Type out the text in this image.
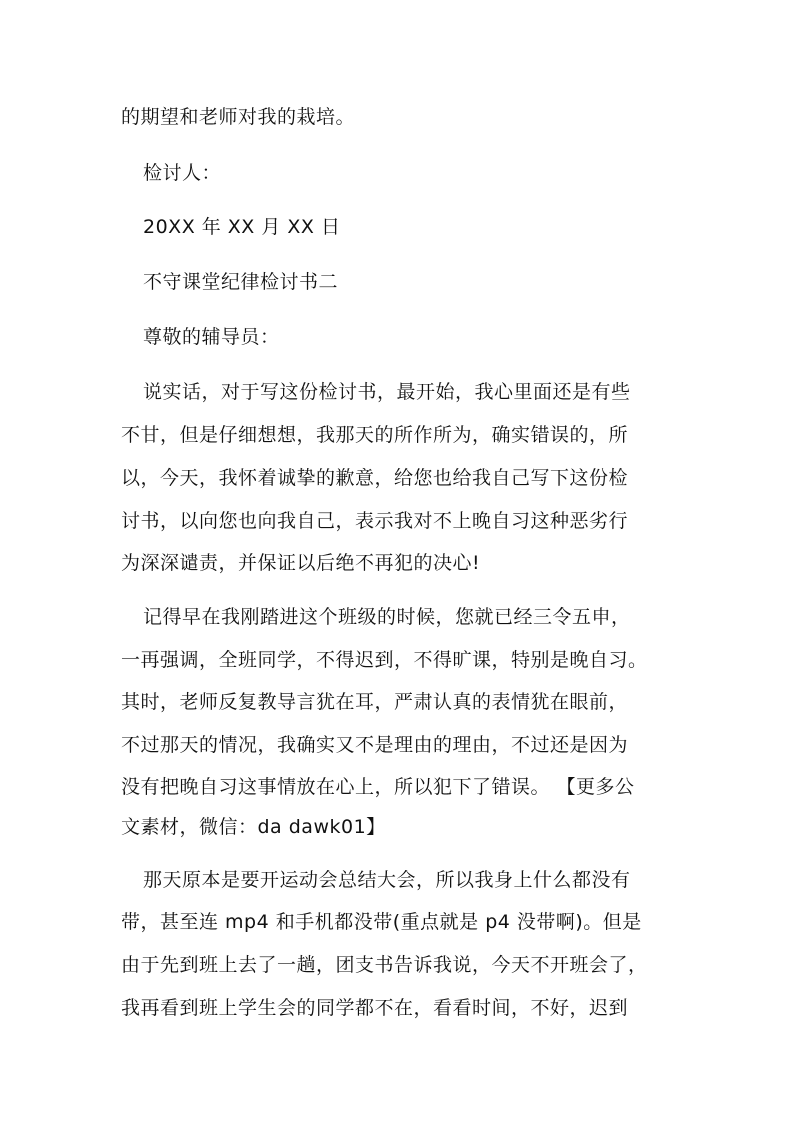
的期望和老师对我的栽培。
检讨人：
20XX 年 XX 月 XX 日
不守课堂纪律检讨书二
尊敬的辅导员：
说实话，对于写这份检讨书，最开始，我心里面还是有些
不甘，但是仔细想想，我那天的所作所为，确实错误的，所
以，今天，我怀着诚挚的歉意，给您也给我自己写下这份检
讨书，以向您也向我自己，表示我对不上晚自习这种恶劣行
为深深谴责，并保证以后绝不再犯的决心!
记得早在我刚踏进这个班级的时候，您就已经三令五申，
一再强调，全班同学，不得迟到，不得旷课，特别是晚自习。
其时，老师反复教导言犹在耳，严肃认真的表情犹在眼前，
不过那天的情况，我确实又不是理由的理由，不过还是因为
没有把晚自习这事情放在心上，所以犯下了错误。 【更多公
文素材，微信：da dawk01】
那天原本是要开运动会总结大会，所以我身上什么都没有
带，甚至连 mp4 和手机都没带(重点就是 p4 没带啊)。但是
由于先到班上去了一趟，团支书告诉我说，今天不开班会了，
我再看到班上学生会的同学都不在，看看时间，不好，迟到
